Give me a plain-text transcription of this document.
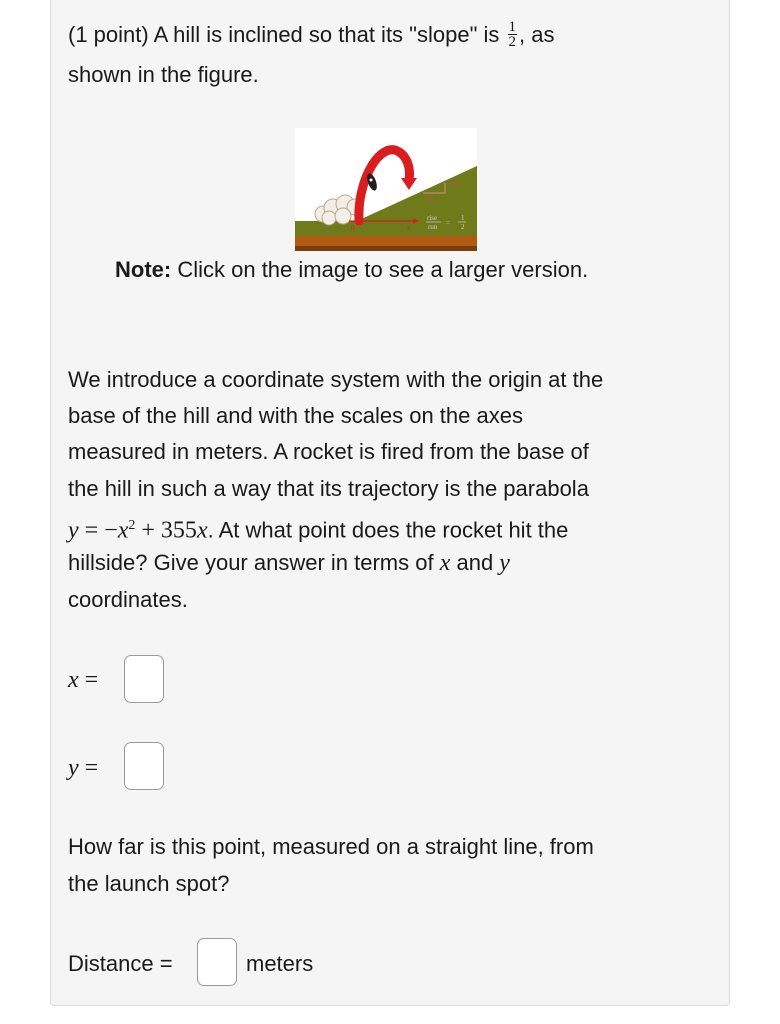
(1 point) A hill is inclined so that its "slope" is $\frac{1}{2}$ , as
shown in the figure.
0	x
run
rise
rise
run =
1
2
Note: Click on the image to see a larger version.
We introduce a coordinate system with the origin at the
base of the hill and with the scales on the axes
measured in meters. A rocket is fired from the base of
the hill in such a way that its trajectory is the parabola
$y = -x^2 + 355x$. At what point does the rocket hit the
hillside? Give your answer in terms of x and y
coordinates.
x =
y =
How far is this point, measured on a straight line, from
the launch spot?
Distance =	meters
